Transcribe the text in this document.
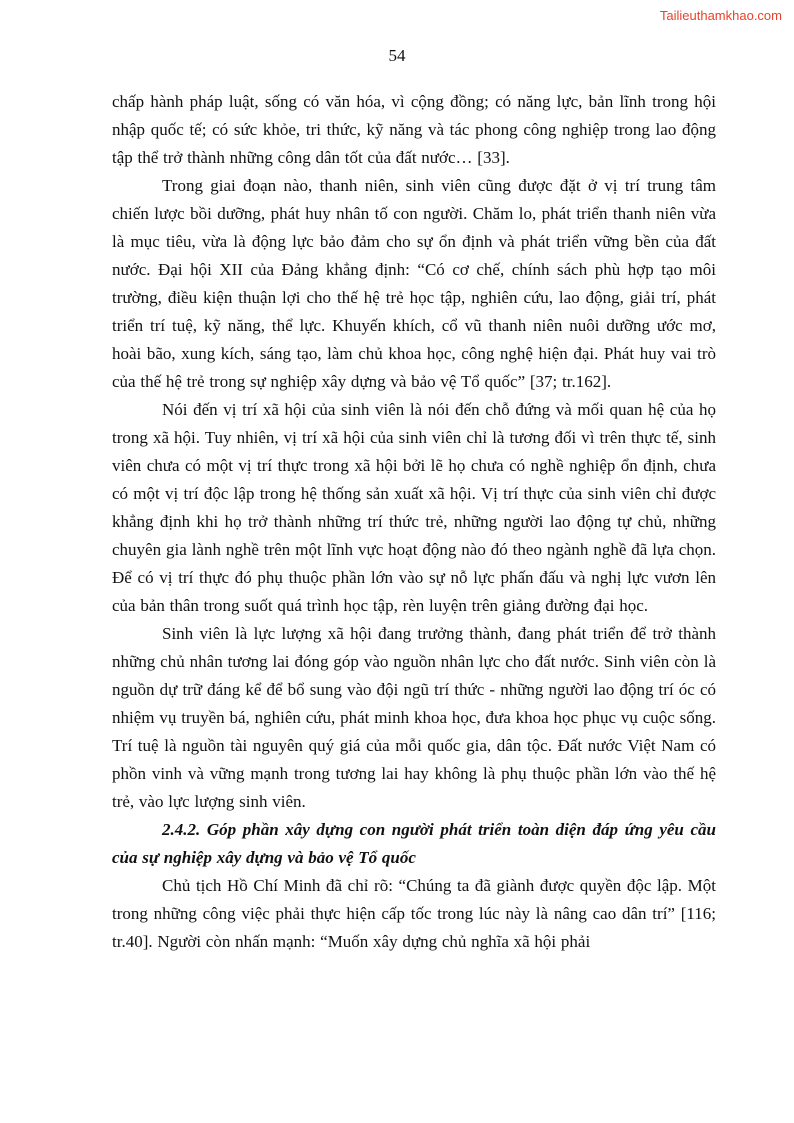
Tailieuthamkhao.com
54

chấp hành pháp luật, sống có văn hóa, vì cộng đồng; có năng lực, bản lĩnh trong hội nhập quốc tế; có sức khỏe, tri thức, kỹ năng và tác phong công nghiệp trong lao động tập thể trở thành những công dân tốt của đất nước… [33].

Trong giai đoạn nào, thanh niên, sinh viên cũng được đặt ở vị trí trung tâm chiến lược bồi dưỡng, phát huy nhân tố con người. Chăm lo, phát triển thanh niên vừa là mục tiêu, vừa là động lực bảo đảm cho sự ổn định và phát triển vững bền của đất nước. Đại hội XII của Đảng khẳng định: “Có cơ chế, chính sách phù hợp tạo môi trường, điều kiện thuận lợi cho thế hệ trẻ học tập, nghiên cứu, lao động, giải trí, phát triển trí tuệ, kỹ năng, thể lực. Khuyến khích, cổ vũ thanh niên nuôi dưỡng ước mơ, hoài bão, xung kích, sáng tạo, làm chủ khoa học, công nghệ hiện đại. Phát huy vai trò của thế hệ trẻ trong sự nghiệp xây dựng và bảo vệ Tổ quốc” [37; tr.162].

Nói đến vị trí xã hội của sinh viên là nói đến chỗ đứng và mối quan hệ của họ trong xã hội. Tuy nhiên, vị trí xã hội của sinh viên chỉ là tương đối vì trên thực tế, sinh viên chưa có một vị trí thực trong xã hội bởi lẽ họ chưa có nghề nghiệp ổn định, chưa có một vị trí độc lập trong hệ thống sản xuất xã hội. Vị trí thực của sinh viên chỉ được khẳng định khi họ trở thành những trí thức trẻ, những người lao động tự chủ, những chuyên gia lành nghề trên một lĩnh vực hoạt động nào đó theo ngành nghề đã lựa chọn. Để có vị trí thực đó phụ thuộc phần lớn vào sự nỗ lực phấn đấu và nghị lực vươn lên của bản thân trong suốt quá trình học tập, rèn luyện trên giảng đường đại học.

Sinh viên là lực lượng xã hội đang trưởng thành, đang phát triển để trở thành những chủ nhân tương lai đóng góp vào nguồn nhân lực cho đất nước. Sinh viên còn là nguồn dự trữ đáng kể để bổ sung vào đội ngũ trí thức - những người lao động trí óc có nhiệm vụ truyền bá, nghiên cứu, phát minh khoa học, đưa khoa học phục vụ cuộc sống. Trí tuệ là nguồn tài nguyên quý giá của mỗi quốc gia, dân tộc. Đất nước Việt Nam có phồn vinh và vững mạnh trong tương lai hay không là phụ thuộc phần lớn vào thế hệ trẻ, vào lực lượng sinh viên.

2.4.2. Góp phần xây dựng con người phát triển toàn diện đáp ứng yêu cầu của sự nghiệp xây dựng và bảo vệ Tổ quốc

Chủ tịch Hồ Chí Minh đã chỉ rõ: “Chúng ta đã giành được quyền độc lập. Một trong những công việc phải thực hiện cấp tốc trong lúc này là nâng cao dân trí” [116; tr.40]. Người còn nhấn mạnh: “Muốn xây dựng chủ nghĩa xã hội phải
